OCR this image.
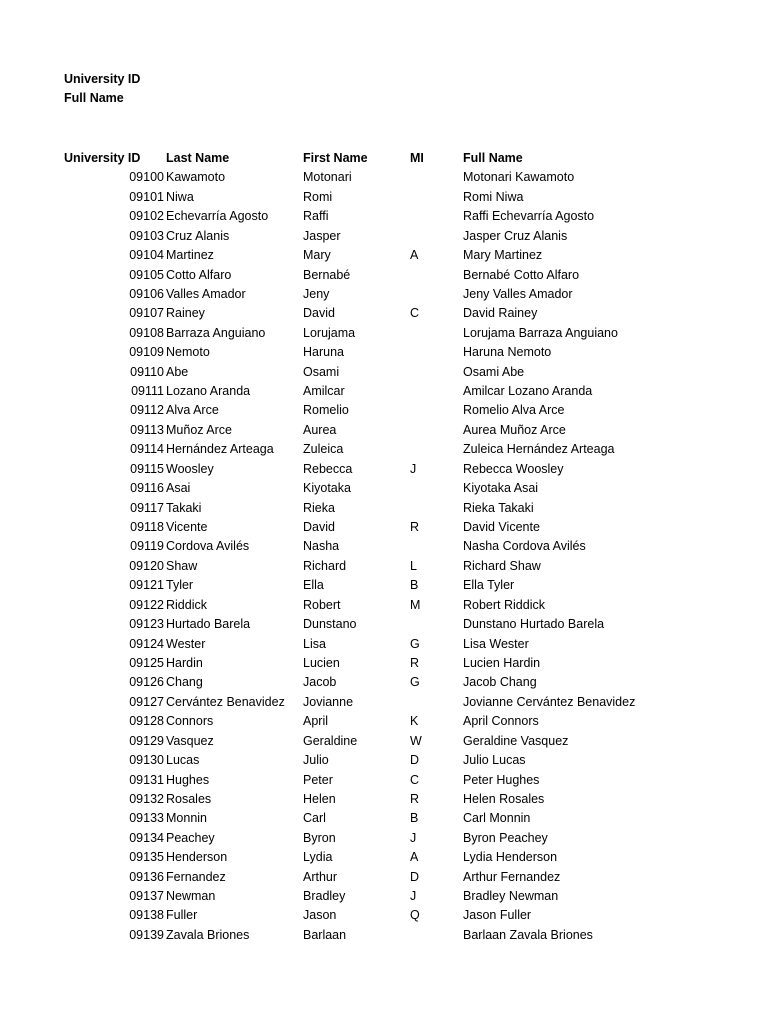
University ID
Full Name
University ID	Last Name	First Name	MI	Full Name
09100 Kawamoto	Motonari	Motonari Kawamoto
09101 Niwa	Romi	Romi Niwa
09102 Echevarría Agosto	Raffi	Raffi Echevarría Agosto
09103 Cruz Alanis	Jasper	Jasper Cruz Alanis
09104 Martinez	Mary	A	Mary Martinez
09105 Cotto Alfaro	Bernabé	Bernabé Cotto Alfaro
09106 Valles Amador	Jeny	Jeny Valles Amador
09107 Rainey	David	C	David Rainey
09108 Barraza Anguiano	Lorujama	Lorujama Barraza Anguiano
09109 Nemoto	Haruna	Haruna Nemoto
09110 Abe	Osami	Osami Abe
09111 Lozano Aranda	Amilcar	Amilcar Lozano Aranda
09112 Alva Arce	Romelio	Romelio Alva Arce
09113 Muñoz Arce	Aurea	Aurea Muñoz Arce
09114 Hernández Arteaga	Zuleica	Zuleica Hernández Arteaga
09115 Woosley	Rebecca	J	Rebecca Woosley
09116 Asai	Kiyotaka	Kiyotaka Asai
09117 Takaki	Rieka	Rieka Takaki
09118 Vicente	David	R	David Vicente
09119 Cordova Avilés	Nasha	Nasha Cordova Avilés
09120 Shaw	Richard	L	Richard Shaw
09121 Tyler	Ella	B	Ella Tyler
09122 Riddick	Robert	M	Robert Riddick
09123 Hurtado Barela	Dunstano	Dunstano Hurtado Barela
09124 Wester	Lisa	G	Lisa Wester
09125 Hardin	Lucien	R	Lucien Hardin
09126 Chang	Jacob	G	Jacob Chang
09127 Cervántez Benavidez	Jovianne	Jovianne Cervántez Benavidez
09128 Connors	April	K	April Connors
09129 Vasquez	Geraldine	W	Geraldine Vasquez
09130 Lucas	Julio	D	Julio Lucas
09131 Hughes	Peter	C	Peter Hughes
09132 Rosales	Helen	R	Helen Rosales
09133 Monnin	Carl	B	Carl Monnin
09134 Peachey	Byron	J	Byron Peachey
09135 Henderson	Lydia	A	Lydia Henderson
09136 Fernandez	Arthur	D	Arthur Fernandez
09137 Newman	Bradley	J	Bradley Newman
09138 Fuller	Jason	Q	Jason Fuller
09139 Zavala Briones	Barlaan	Barlaan Zavala Briones
